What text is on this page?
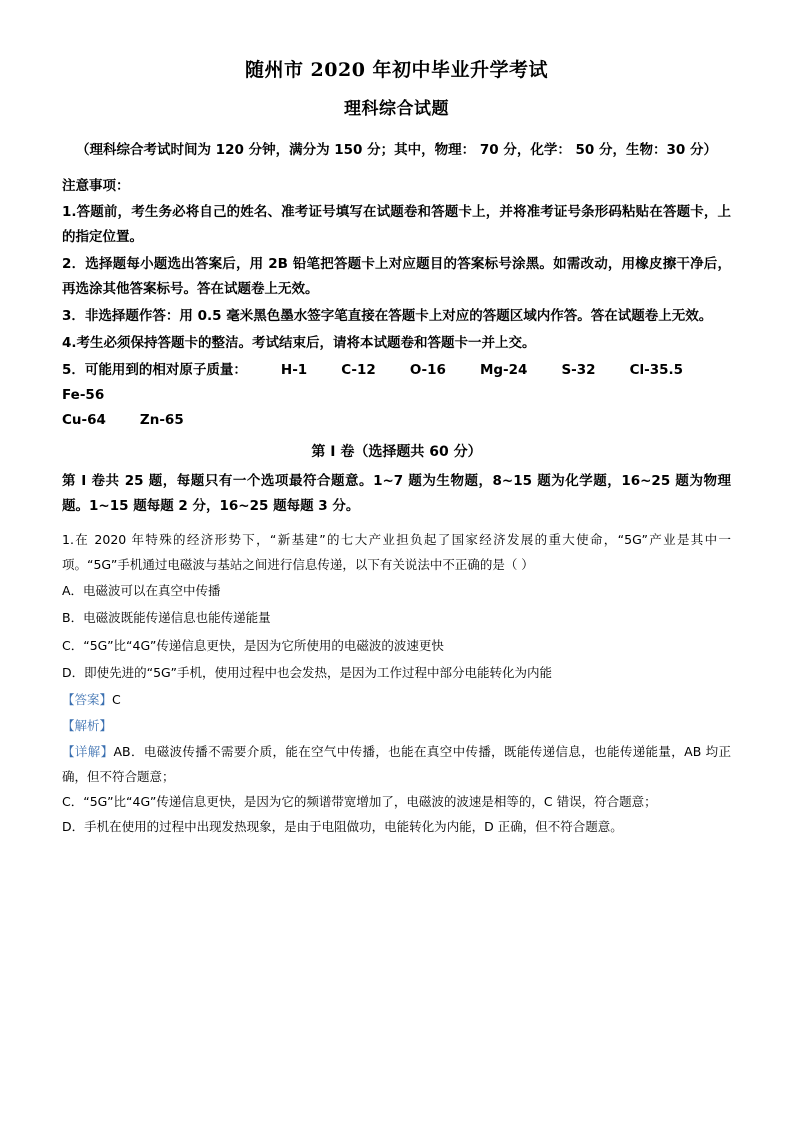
随州市 2020 年初中毕业升学考试
理科综合试题

（理科综合考试时间为 120 分钟，满分为 150 分；其中，物理： 70 分，化学： 50 分，生物：30 分）

注意事项：

1.答题前，考生务必将自己的姓名、准考证号填写在试题卷和答题卡上，并将准考证号条形码粘贴在答题卡，上的指定位置。

2．选择题每小题选出答案后，用 2B 铅笔把答题卡上对应题目的答案标号涂黑。如需改动，用橡皮擦干净后，再选涂其他答案标号。答在试题卷上无效。

3．非选择题作答：用 0.5 毫米黑色墨水签字笔直接在答题卡上对应的答题区域内作答。答在试题卷上无效。

4.考生必须保持答题卡的整洁。考试结束后，请将本试题卷和答题卡一并上交。

5．可能用到的相对原子质量：	H-1	C-12	O-16	Mg-24	S-32	Cl-35.5Fe-56

Cu-64	Zn-65

第 I 卷（选择题共 60 分）

第 I 卷共 25 题，每题只有一个选项最符合题意。1~7 题为生物题，8~15 题为化学题，16~25 题为物理题。1~15 题每题 2 分，16~25 题每题 3 分。

1.在 2020 年特殊的经济形势下，“新基建”的七大产业担负起了国家经济发展的重大使命，“5G”产业是其中一项。“5G”手机通过电磁波与基站之间进行信息传递，以下有关说法中不正确的是（ ）

A．电磁波可以在真空中传播

B．电磁波既能传递信息也能传递能量

C．“5G”比“4G”传递信息更快，是因为它所使用的电磁波的波速更快

D．即使先进的“5G”手机，使用过程中也会发热，是因为工作过程中部分电能转化为内能

【答案】C

【解析】

【详解】AB．电磁波传播不需要介质，能在空气中传播，也能在真空中传播，既能传递信息，也能传递能量，AB 均正确，但不符合题意；

C．“5G”比“4G”传递信息更快，是因为它的频谱带宽增加了，电磁波的波速是相等的，C 错误，符合题意；

D．手机在使用的过程中出现发热现象，是由于电阻做功，电能转化为内能，D 正确，但不符合题意。
